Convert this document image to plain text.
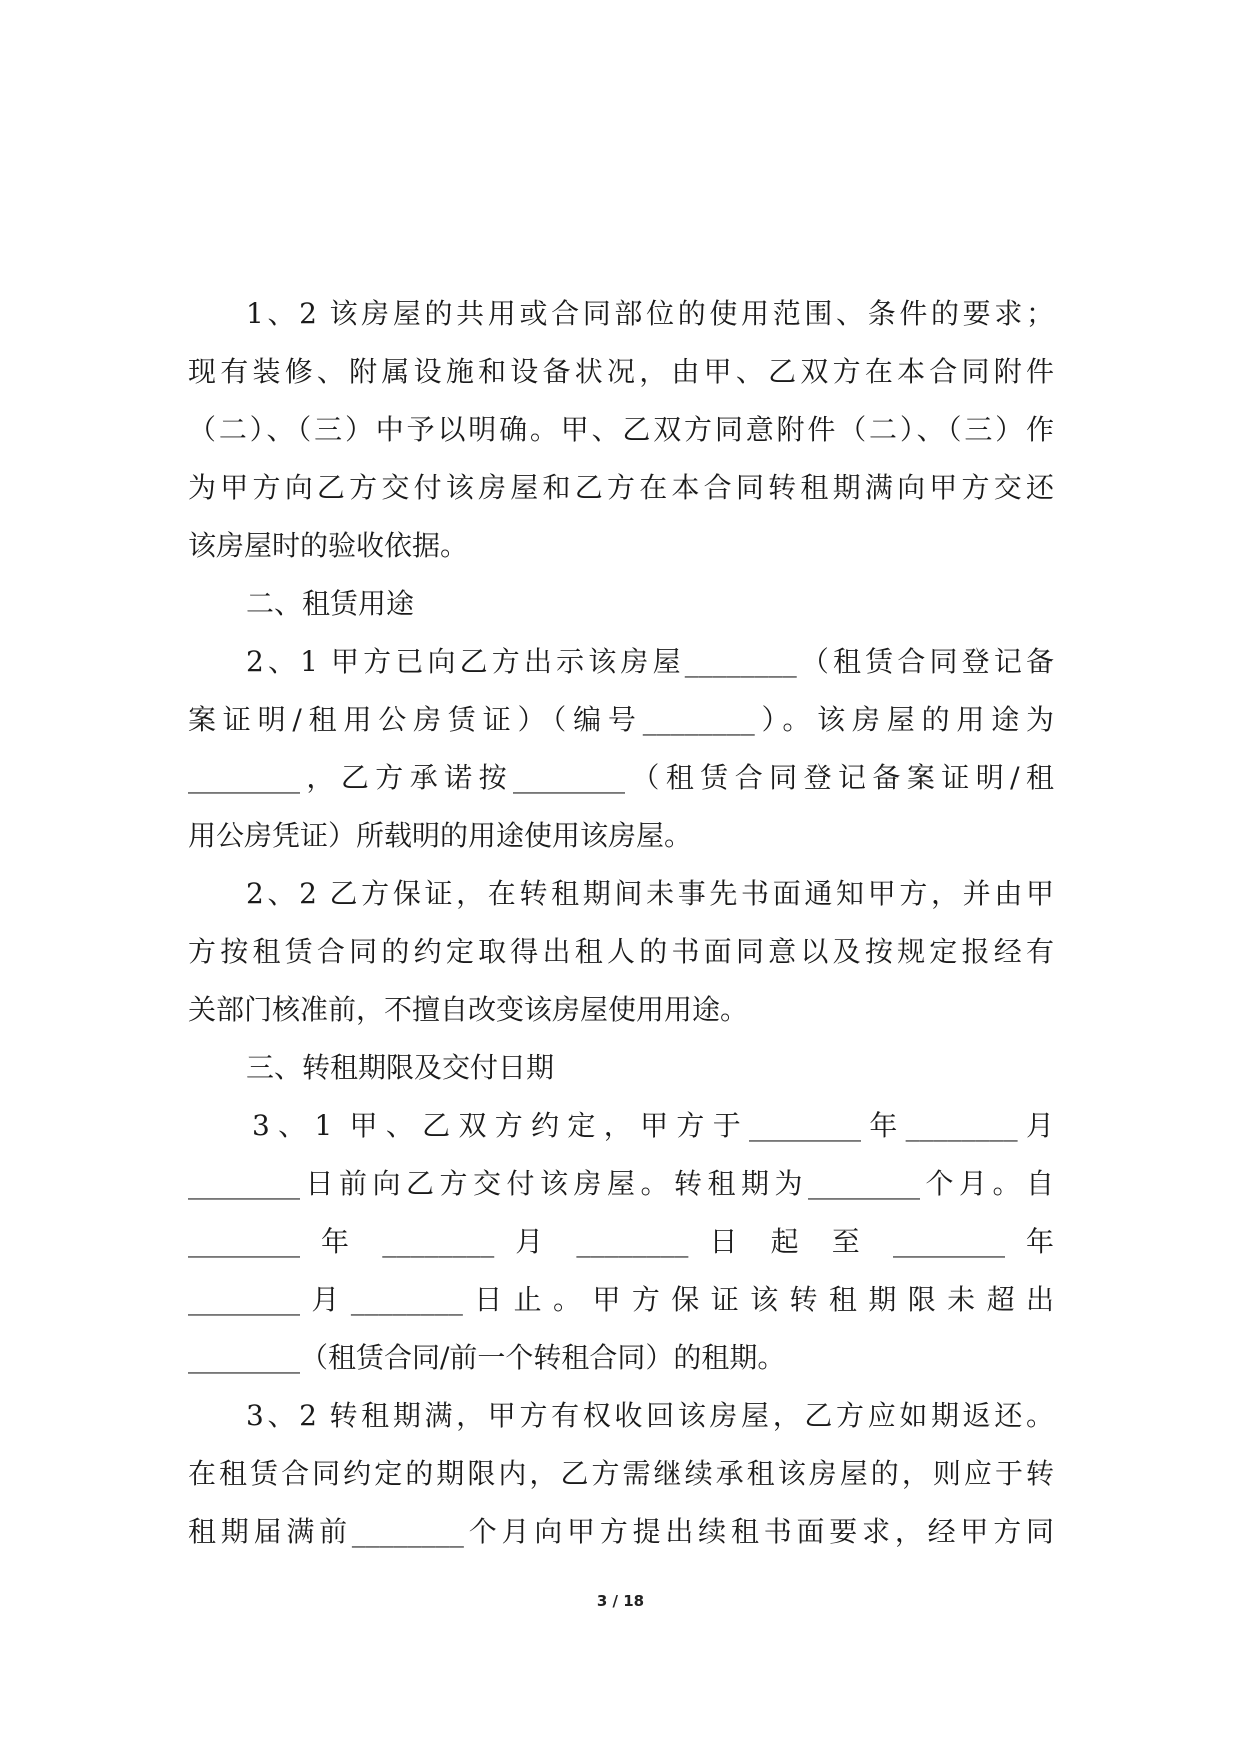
1、2 该房屋的共用或合同部位的使用范围、条件的要求；
现有装修、附属设施和设备状况，由甲、乙双方在本合同附件
（二）、（三）中予以明确。甲、乙双方同意附件（二）、（三）作
为甲方向乙方交付该房屋和乙方在本合同转租期满向甲方交还
该房屋时的验收依据。
二、租赁用途
2、1 甲方已向乙方出示该房屋________（租赁合同登记备
案证明/租用公房赁证）（编号________）。该房屋的用途为
________，乙方承诺按________（租赁合同登记备案证明/租
用公房凭证）所载明的用途使用该房屋。
2、2 乙方保证，在转租期间未事先书面通知甲方，并由甲
方按租赁合同的约定取得出租人的书面同意以及按规定报经有
关部门核准前，不擅自改变该房屋使用用途。
三、转租期限及交付日期
3、1 甲、乙双方约定，甲方于________年________月
________日前向乙方交付该房屋。转租期为________个月。自
________ 年 ________ 月 ________ 日 起 至 ________ 年
________月________日止。甲方保证该转租期限未超出
________（租赁合同/前一个转租合同）的租期。
3、2 转租期满，甲方有权收回该房屋，乙方应如期返还。
在租赁合同约定的期限内，乙方需继续承租该房屋的，则应于转
租期届满前________个月向甲方提出续租书面要求，经甲方同
3 / 18
